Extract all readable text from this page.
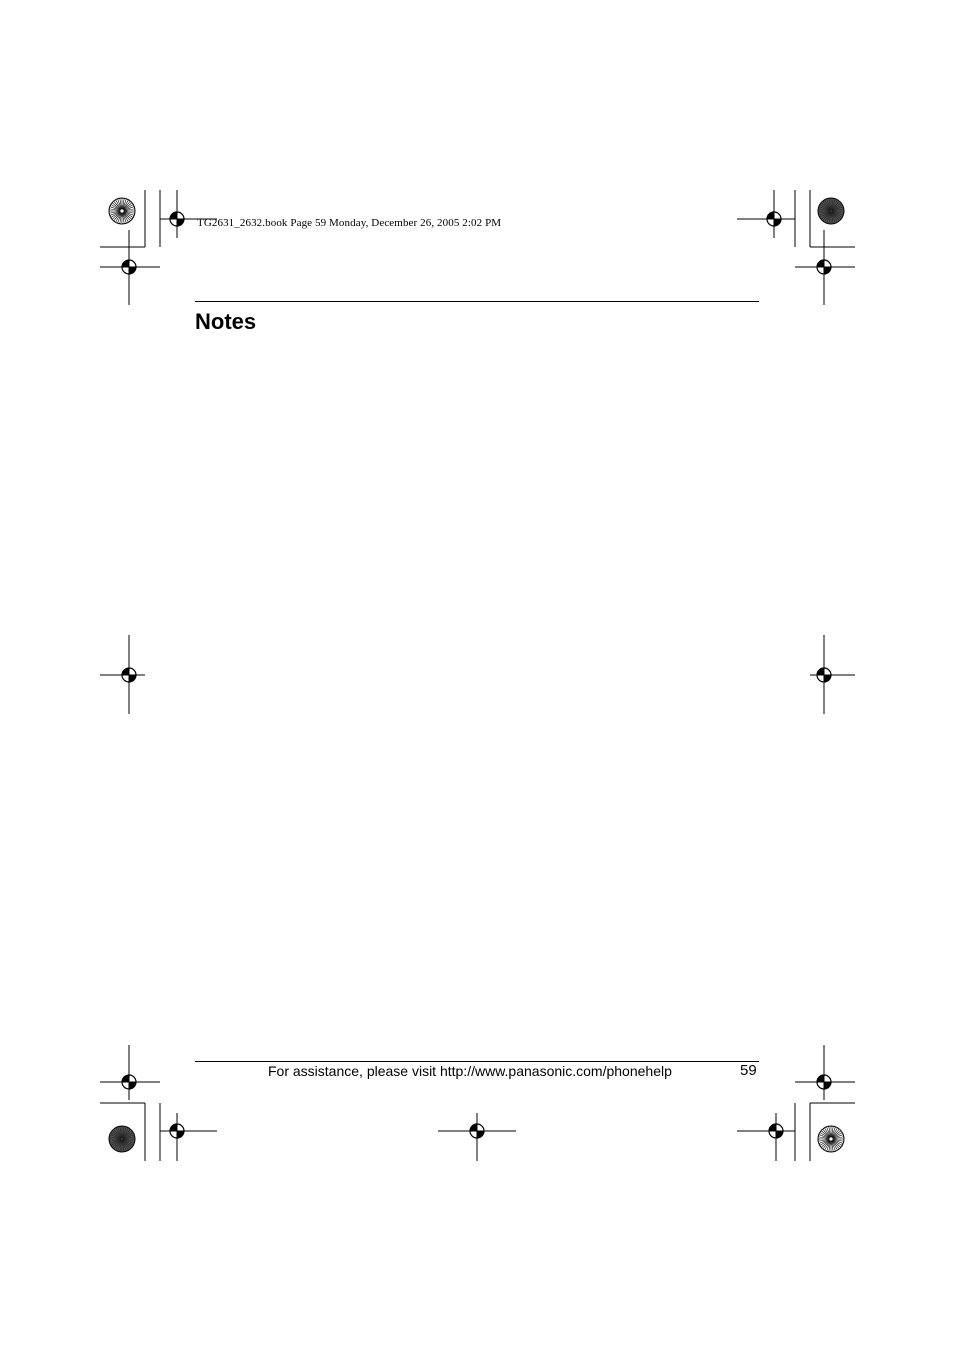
TG2631_2632.book Page 59 Monday, December 26, 2005 2:02 PM
Notes
For assistance, please visit http://www.panasonic.com/phonehelp	59
